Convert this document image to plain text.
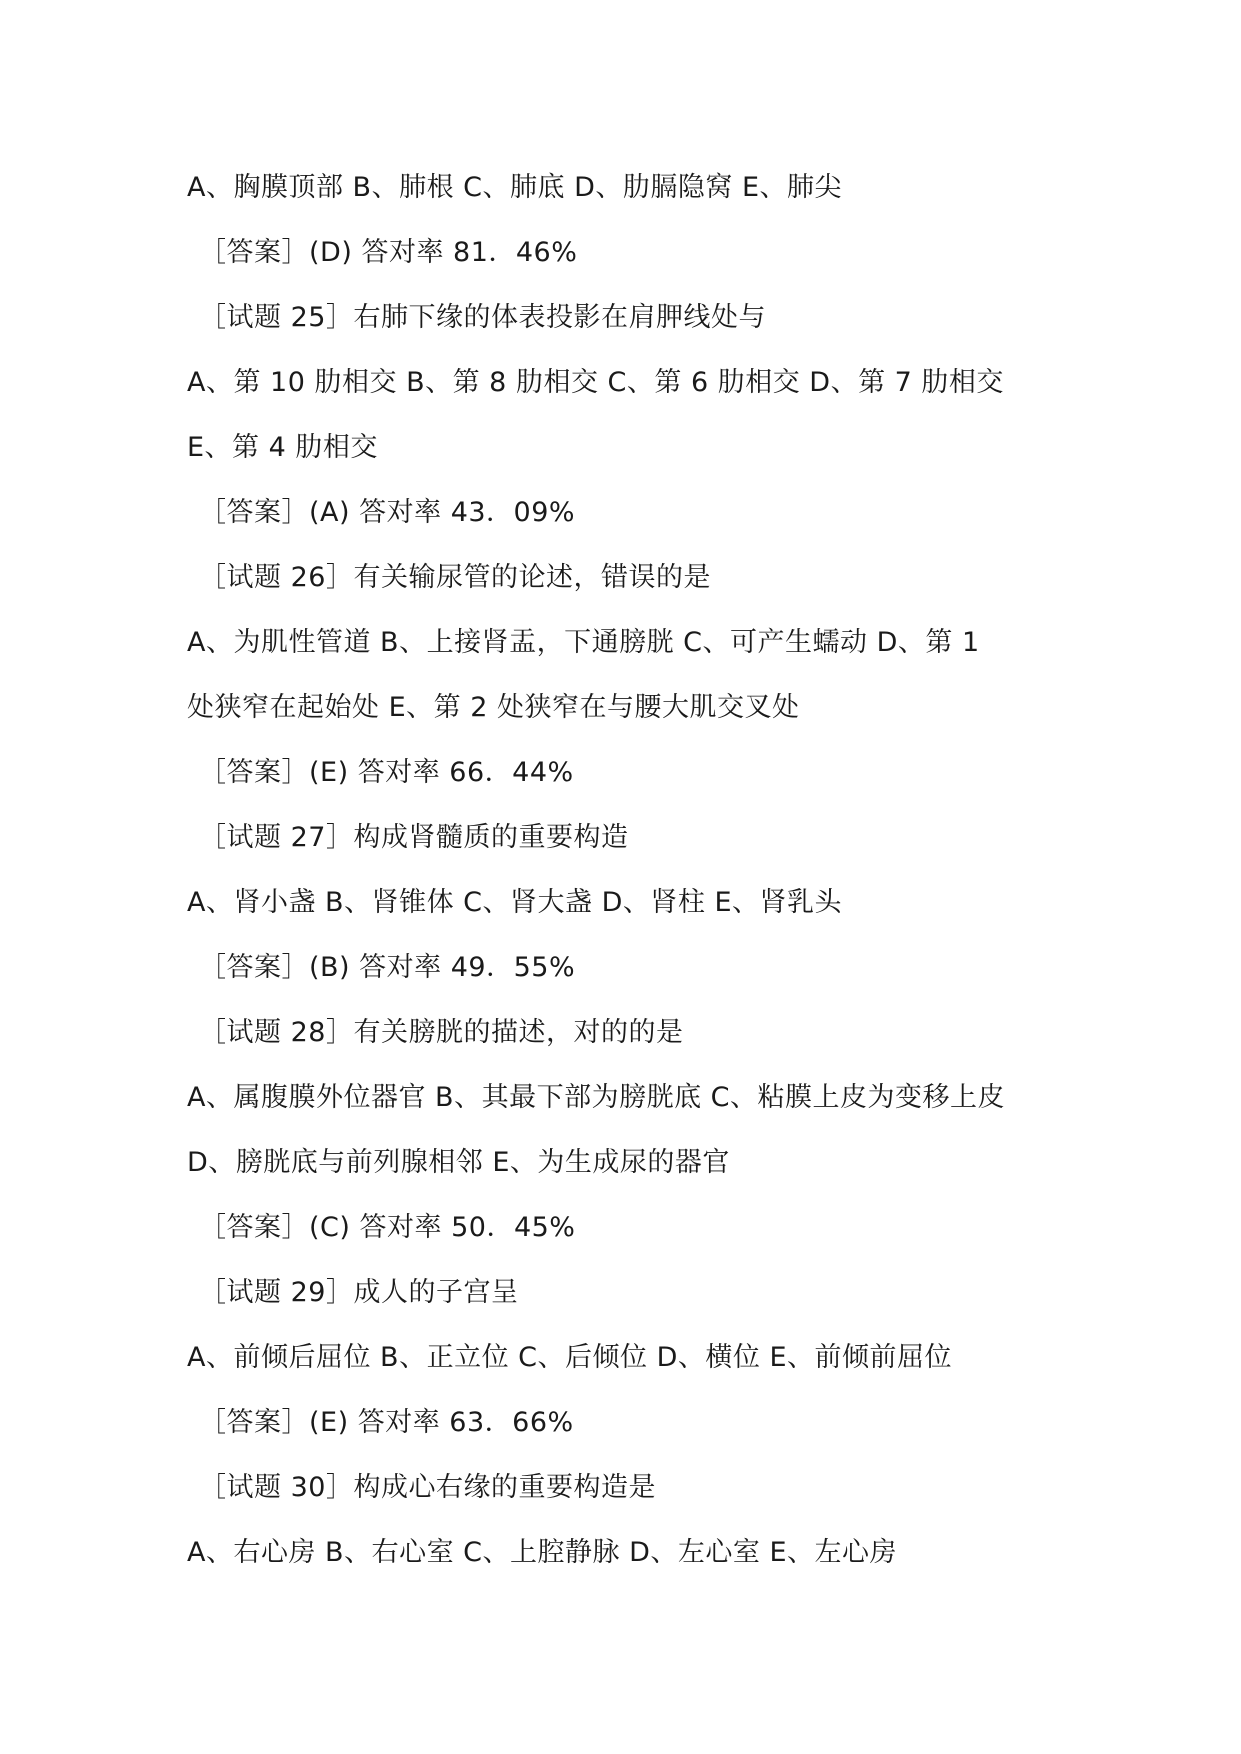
A、胸膜顶部 B、肺根 C、肺底 D、肋膈隐窝 E、肺尖
［答案］(D) 答对率 81．46%
［试题 25］右肺下缘的体表投影在肩胛线处与
A、第 10 肋相交 B、第 8 肋相交 C、第 6 肋相交 D、第 7 肋相交
E、第 4 肋相交
［答案］(A) 答对率 43．09%
［试题 26］有关输尿管的论述，错误的是
A、为肌性管道 B、上接肾盂，下通膀胱 C、可产生蠕动 D、第 1
处狭窄在起始处 E、第 2 处狭窄在与腰大肌交叉处
［答案］(E) 答对率 66．44%
［试题 27］构成肾髓质的重要构造
A、肾小盏 B、肾锥体 C、肾大盏 D、肾柱 E、肾乳头
［答案］(B) 答对率 49．55%
［试题 28］有关膀胱的描述，对的的是
A、属腹膜外位器官 B、其最下部为膀胱底 C、粘膜上皮为变移上皮
D、膀胱底与前列腺相邻 E、为生成尿的器官
［答案］(C) 答对率 50．45%
［试题 29］成人的子宫呈
A、前倾后屈位 B、正立位 C、后倾位 D、横位 E、前倾前屈位
［答案］(E) 答对率 63．66%
［试题 30］构成心右缘的重要构造是
A、右心房 B、右心室 C、上腔静脉 D、左心室 E、左心房
